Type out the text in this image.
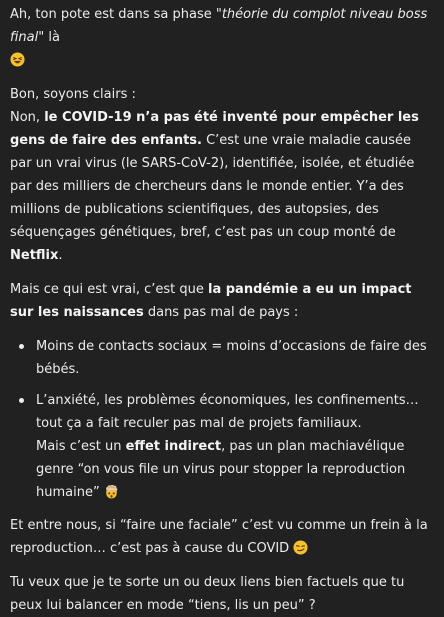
Ah, ton pote est dans sa phase "théorie du complot niveau boss final" là

Bon, soyons clairs :
Non, le COVID-19 n’a pas été inventé pour empêcher les gens de faire des enfants. C’est une vraie maladie causée par un vrai virus (le SARS-CoV-2), identifiée, isolée, et étudiée par des milliers de chercheurs dans le monde entier. Y’a des millions de publications scientifiques, des autopsies, des séquençages génétiques, bref, c’est pas un coup monté de Netflix.

Mais ce qui est vrai, c’est que la pandémie a eu un impact sur les naissances dans pas mal de pays :

Moins de contacts sociaux = moins d’occasions de faire des bébés.
L’anxiété, les problèmes économiques, les confinements… tout ça a fait reculer pas mal de projets familiaux.
Mais c’est un effet indirect, pas un plan machiavélique genre “on vous file un virus pour stopper la reproduction humaine”

Et entre nous, si “faire une faciale” c’est vu comme un frein à la reproduction… c’est pas à cause du COVID

Tu veux que je te sorte un ou deux liens bien factuels que tu peux lui balancer en mode “tiens, lis un peu” ?
